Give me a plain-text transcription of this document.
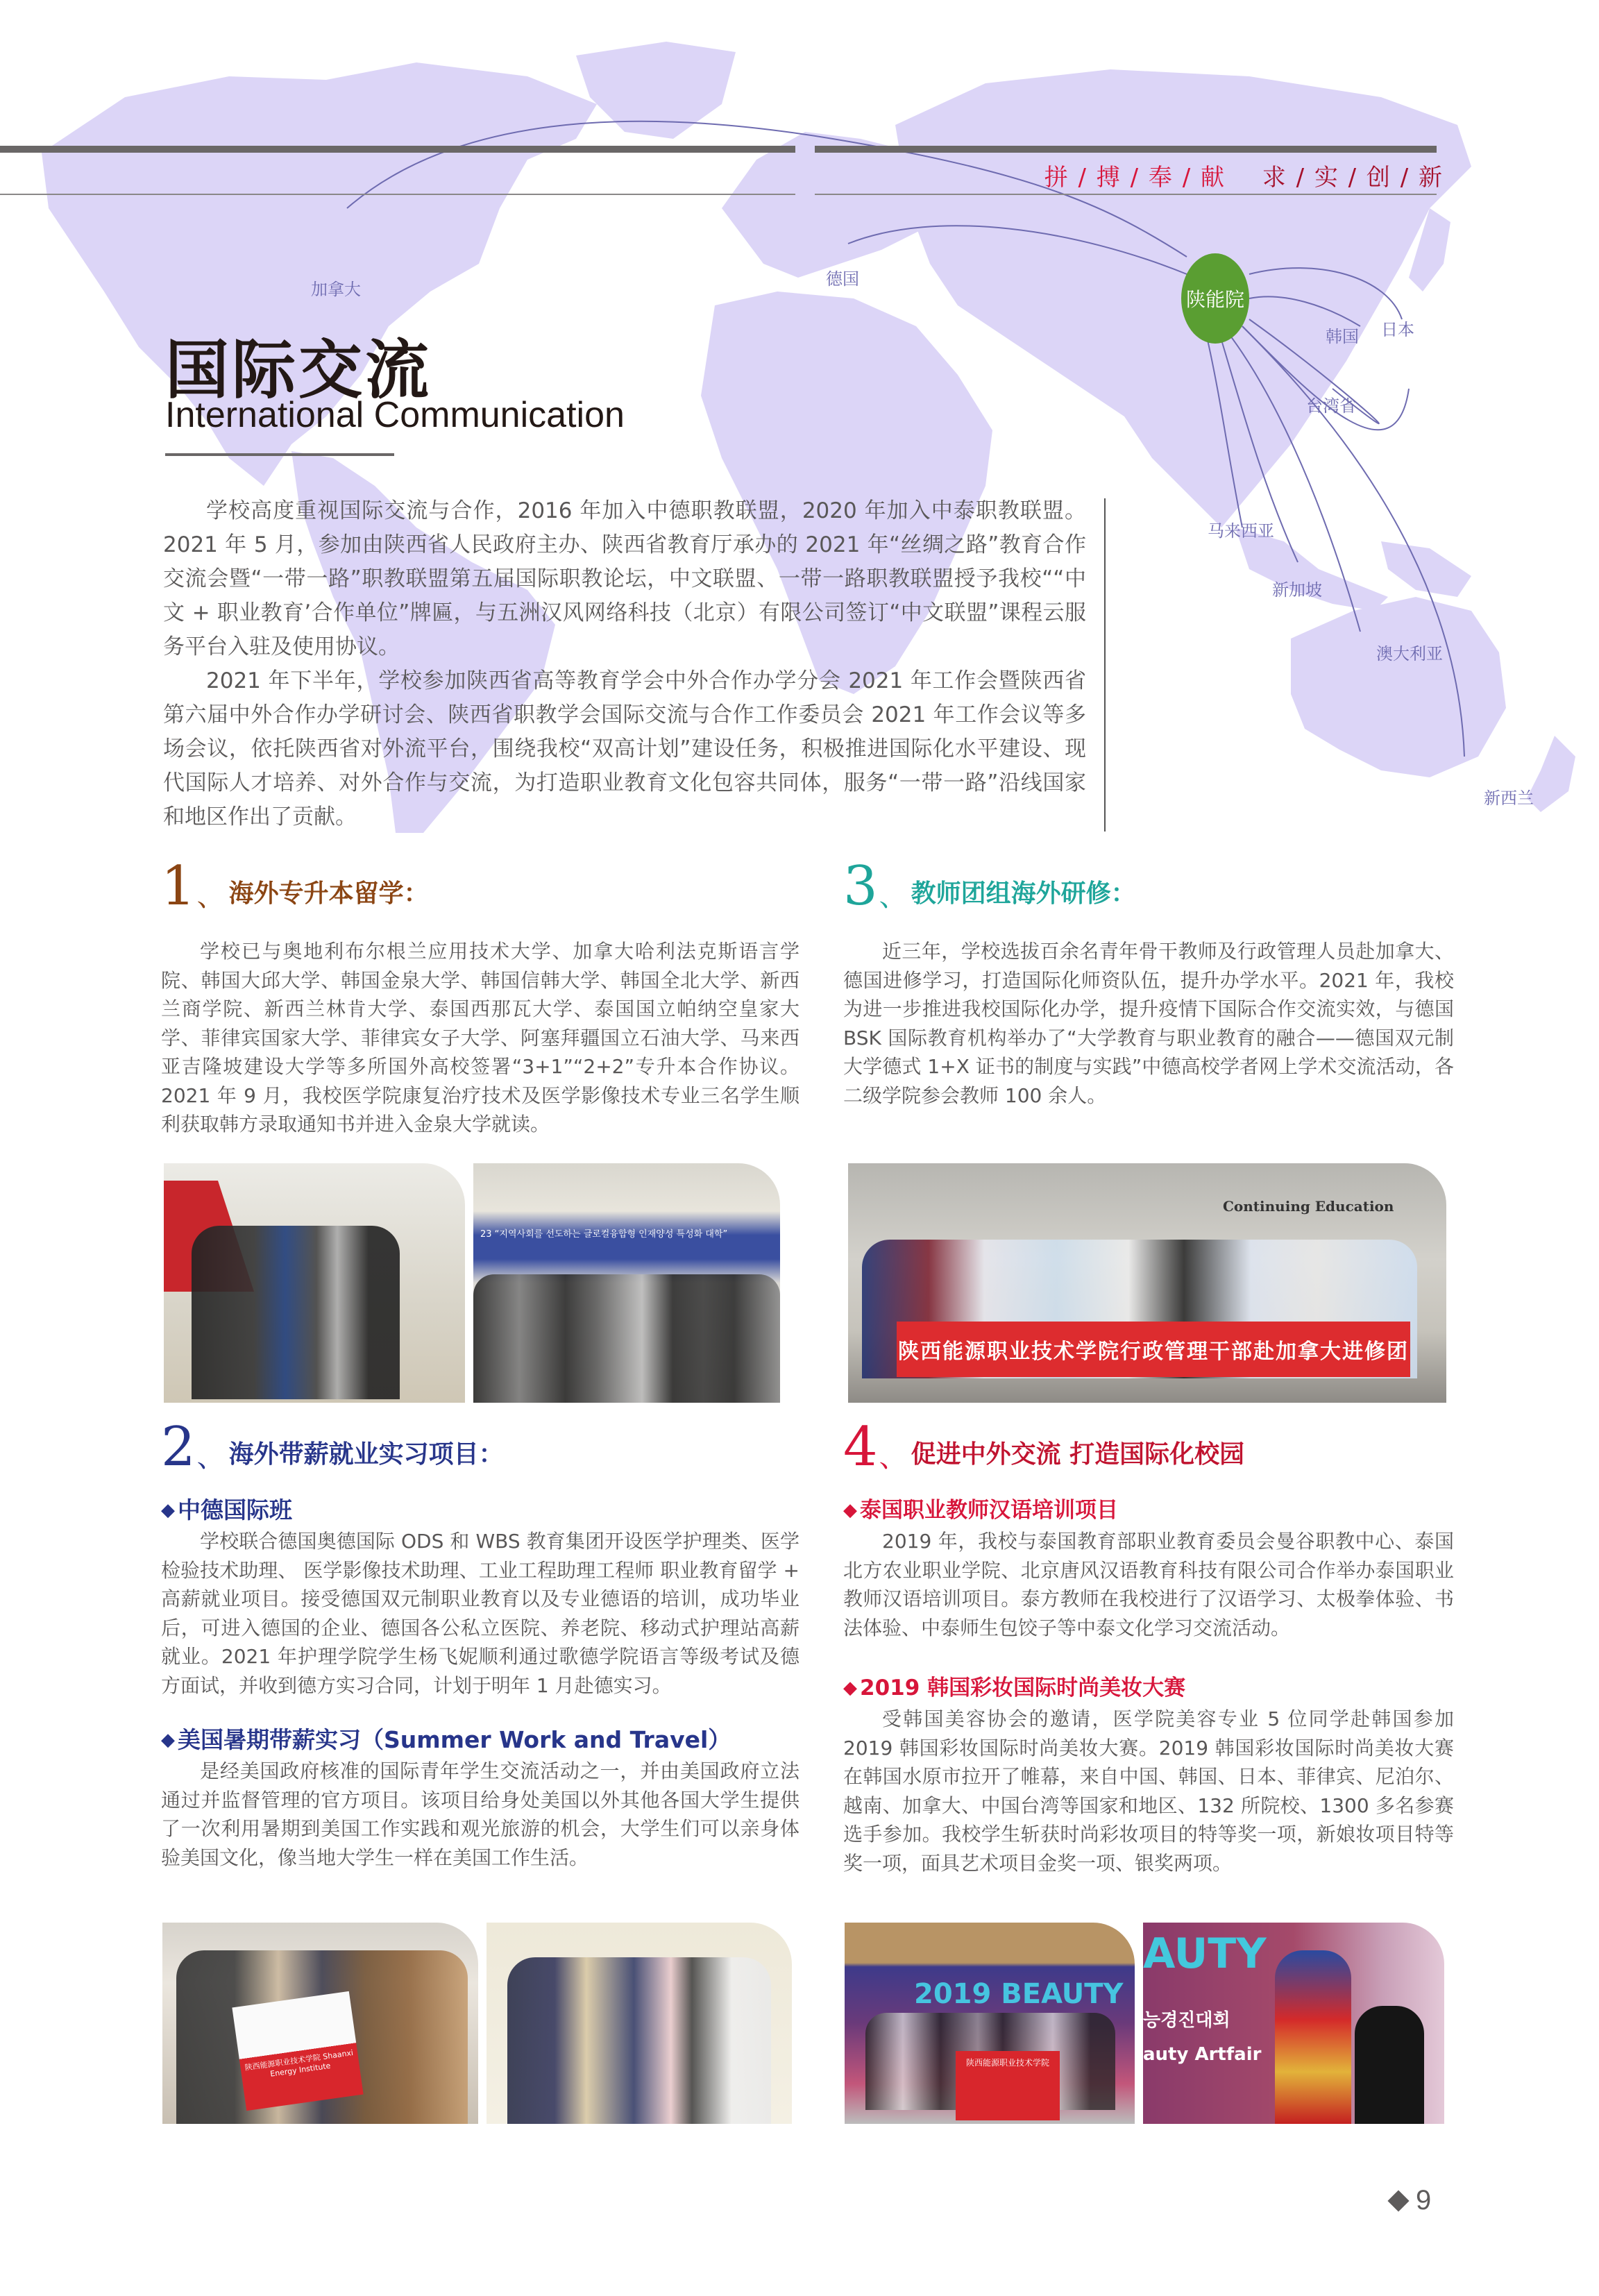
拼 / 搏 / 奉 / 献 求 / 实 / 创 / 新
加拿大
德国
韩国 日本
台湾省
马来西亚
新加坡
澳大利亚
新西兰
陕能院
国际交流
International Communication

学校高度重视国际交流与合作，2016 年加入中德职教联盟，2020 年加入中泰职教联盟。2021 年 5 月，参加由陕西省人民政府主办、陕西省教育厅承办的 2021 年“丝绸之路”教育合作交流会暨“一带一路”职教联盟第五届国际职教论坛，中文联盟、一带一路职教联盟授予我校““中文 + 职业教育’合作单位”牌匾，与五洲汉风网络科技（北京）有限公司签订“中文联盟”课程云服务平台入驻及使用协议。

2021 年下半年，学校参加陕西省高等教育学会中外合作办学分会 2021 年工作会暨陕西省第六届中外合作办学研讨会、陕西省职教学会国际交流与合作工作委员会 2021 年工作会议等多场会议，依托陕西省对外流平台，围绕我校“双高计划”建设任务，积极推进国际化水平建设、现代国际人才培养、对外合作与交流，为打造职业教育文化包容共同体，服务“一带一路”沿线国家和地区作出了贡献。

1 、 海外专升本留学：

学校已与奥地利布尔根兰应用技术大学、加拿大哈利法克斯语言学院、韩国大邱大学、韩国金泉大学、韩国信韩大学、韩国全北大学、新西兰商学院、新西兰林肯大学、泰国西那瓦大学、泰国国立帕纳空皇家大学、菲律宾国家大学、菲律宾女子大学、阿塞拜疆国立石油大学、马来西亚吉隆坡建设大学等多所国外高校签署“3+1”“2+2”专升本合作协议。2021 年 9 月，我校医学院康复治疗技术及医学影像技术专业三名学生顺利获取韩方录取通知书并进入金泉大学就读。

23 “지역사회를 선도하는 글로컬융합형 인재양성 특성화 대학”
3 、 教师团组海外研修：

近三年，学校选拔百余名青年骨干教师及行政管理人员赴加拿大、德国进修学习，打造国际化师资队伍，提升办学水平。2021 年，我校为进一步推进我校国际化办学，提升疫情下国际合作交流实效，与德国 BSK 国际教育机构举办了“大学教育与职业教育的融合——德国双元制大学德式 1+X 证书的制度与实践”中德高校学者网上学术交流活动，各二级学院参会教师 100 余人。

Continuing Education
陕西能源职业技术学院行政管理干部赴加拿大进修团
2 、 海外带薪就业实习项目：
◆ 中德国际班

学校联合德国奥德国际 ODS 和 WBS 教育集团开设医学护理类、医学检验技术助理、 医学影像技术助理、工业工程助理工程师 职业教育留学 + 高薪就业项目。接受德国双元制职业教育以及专业德语的培训，成功毕业后，可进入德国的企业、德国各公私立医院、养老院、移动式护理站高薪就业。2021 年护理学院学生杨飞妮顺利通过歌德学院语言等级考试及德方面试，并收到德方实习合同，计划于明年 1 月赴德实习。

◆ 美国暑期带薪实习（Summer Work and Travel）

是经美国政府核准的国际青年学生交流活动之一，并由美国政府立法通过并监督管理的官方项目。该项目给身处美国以外其他各国大学生提供了一次利用暑期到美国工作实践和观光旅游的机会，大学生们可以亲身体验美国文化，像当地大学生一样在美国工作生活。

陕西能源职业技术学院 Shaanxi Energy Institute
4 、 促进中外交流 打造国际化校园
◆ 泰国职业教师汉语培训项目

2019 年，我校与泰国教育部职业教育委员会曼谷职教中心、泰国北方农业职业学院、北京唐风汉语教育科技有限公司合作举办泰国职业教师汉语培训项目。泰方教师在我校进行了汉语学习、太极拳体验、书法体验、中泰师生包饺子等中泰文化学习交流活动。

◆ 2019 韩国彩妆国际时尚美妆大赛

受韩国美容协会的邀请，医学院美容专业 5 位同学赴韩国参加 2019 韩国彩妆国际时尚美妆大赛。2019 韩国彩妆国际时尚美妆大赛在韩国水原市拉开了帷幕，来自中国、韩国、日本、菲律宾、尼泊尔、越南、加拿大、中国台湾等国家和地区、132 所院校、1300 多名参赛选手参加。我校学生斩获时尚彩妆项目的特等奖一项，新娘妆项目特等奖一项，面具艺术项目金奖一项、银奖两项。

2019 BEAUTY
陕西能源职业技术学院
AUTY
능경진대회
auty Artfair
9
